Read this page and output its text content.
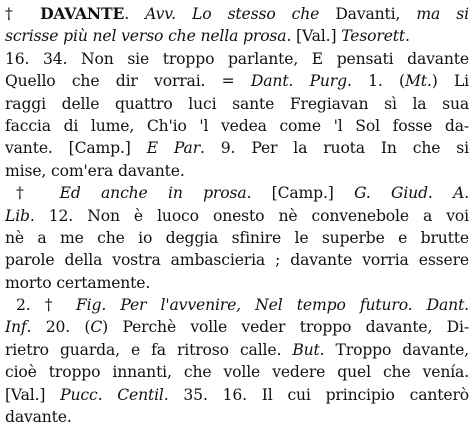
† DAVANTE. Avv. Lo stesso che Davanti, ma si
scrisse più nel verso che nella prosa. [Val.] Tesorett.
16. 34. Non sie troppo parlante, E pensati davante
Quello che dir vorrai. = Dant. Purg. 1. (Mt.) Li
raggi delle quattro luci sante Fregiavan sì la sua
faccia di lume, Ch'io 'l vedea come 'l Sol fosse da-
vante. [Camp.] E Par. 9. Per la ruota In che si
mise, com'era davante.
† Ed anche in prosa. [Camp.] G. Giud. A.
Lib. 12. Non è luoco onesto nè convenebole a voi
nè a me che io deggia sfinire le superbe e brutte
parole della vostra ambascieria ; davante vorria essere
morto certamente.
2. † Fig. Per l'avvenire, Nel tempo futuro. Dant.
Inf. 20. (C) Perchè volle veder troppo davante, Di-
rietro guarda, e fa ritroso calle. But. Troppo davante,
cioè troppo innanti, che volle vedere quel che venía.
[Val.] Pucc. Centil. 35. 16. Il cui principio canterò
davante.
